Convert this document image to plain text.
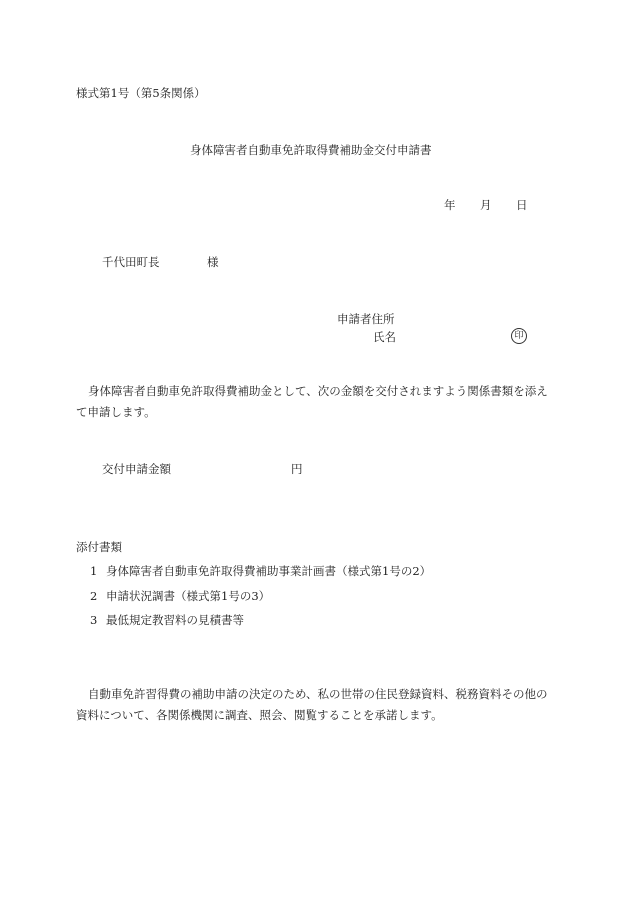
様式第1号（第5条関係）
身体障害者自動車免許取得費補助金交付申請書
年 月 日
千代田町長	様
申請者住所
氏名	印
身体障害者自動車免許取得費補助金として、次の金額を交付されますよう関係書類を添えて申請します。
交付申請金額	円
添付書類
1 身体障害者自動車免許取得費補助事業計画書（様式第1号の2）
2 申請状況調書（様式第1号の3）
3 最低規定教習料の見積書等
自動車免許習得費の補助申請の決定のため、私の世帯の住民登録資料、税務資料その他の資料について、各関係機関に調査、照会、閲覧することを承諾します。
